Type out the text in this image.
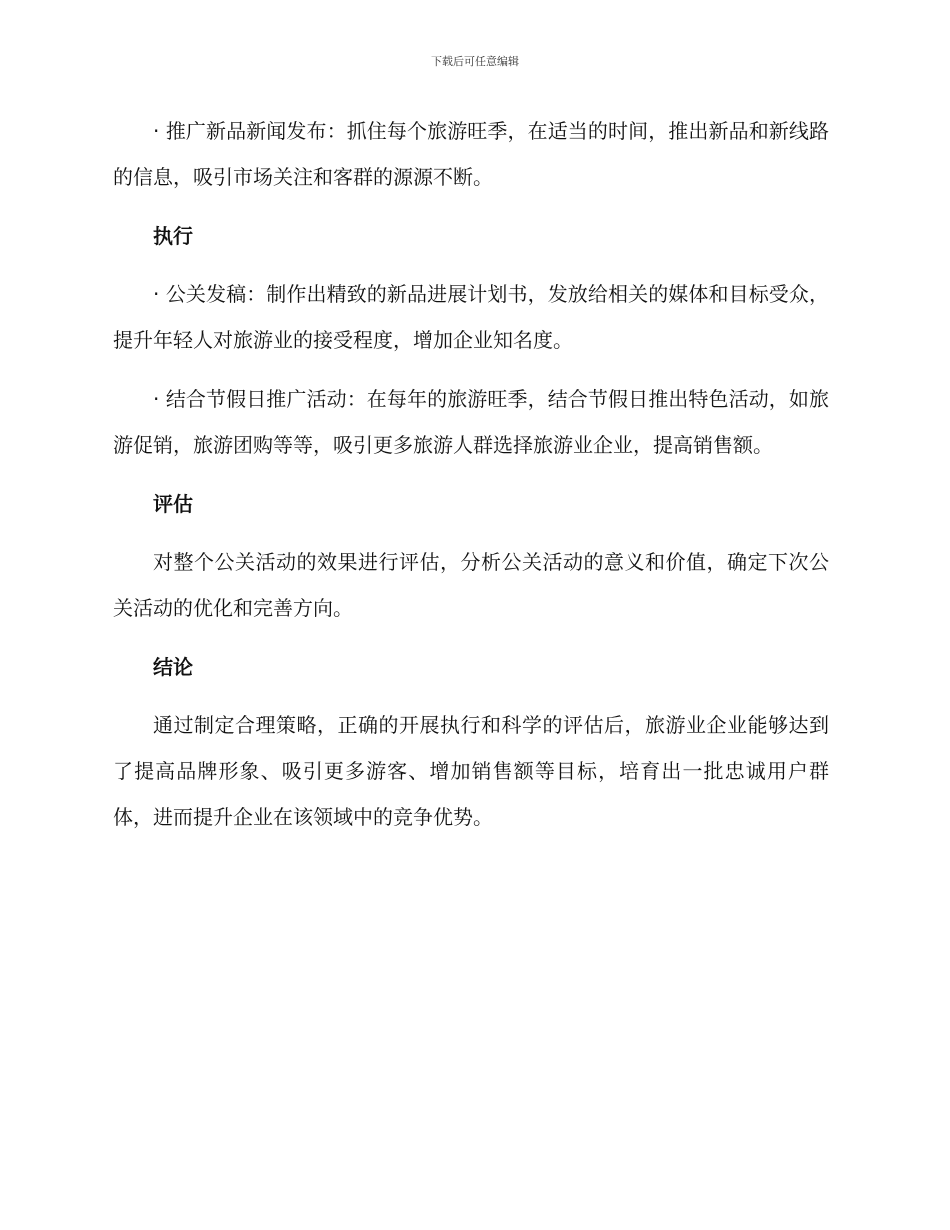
下载后可任意编辑

· 推广新品新闻发布：抓住每个旅游旺季，在适当的时间，推出新品和新线路的信息，吸引市场关注和客群的源源不断。

执行

· 公关发稿：制作出精致的新品进展计划书，发放给相关的媒体和目标受众，提升年轻人对旅游业的接受程度，增加企业知名度。

· 结合节假日推广活动：在每年的旅游旺季，结合节假日推出特色活动，如旅游促销，旅游团购等等，吸引更多旅游人群选择旅游业企业，提高销售额。

评估

对整个公关活动的效果进行评估，分析公关活动的意义和价值，确定下次公关活动的优化和完善方向。

结论

通过制定合理策略，正确的开展执行和科学的评估后，旅游业企业能够达到了提高品牌形象、吸引更多游客、增加销售额等目标，培育出一批忠诚用户群体，进而提升企业在该领域中的竞争优势。
